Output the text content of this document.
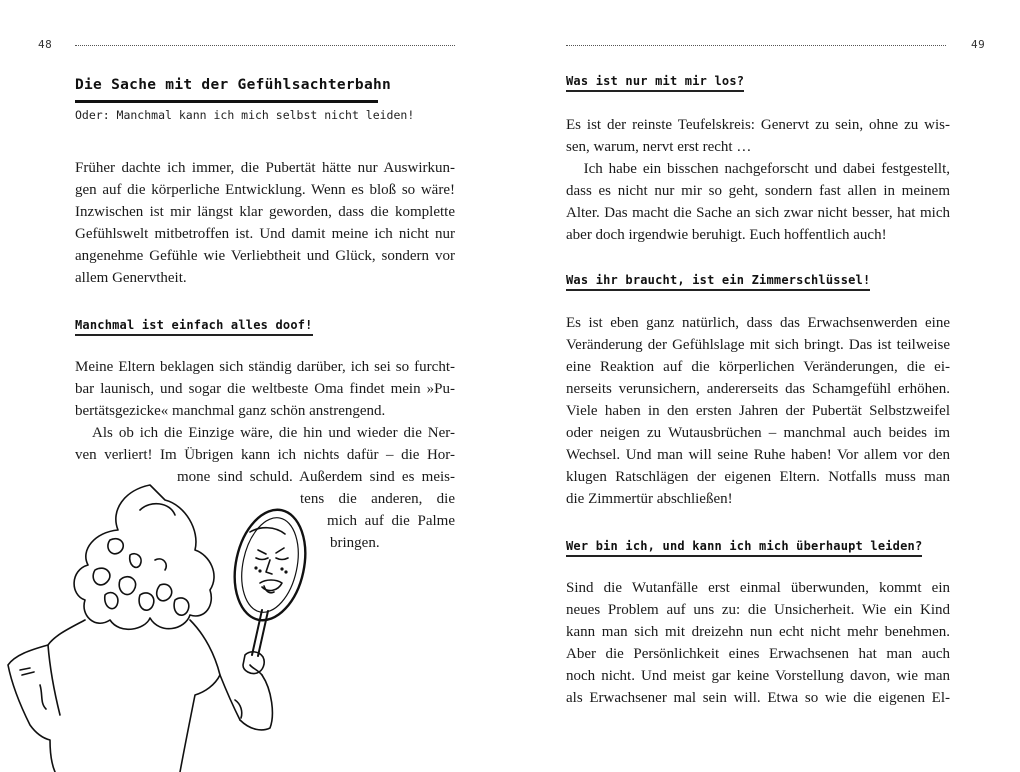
48
Die Sache mit der Gefühlsachterbahn
Oder: Manchmal kann ich mich selbst nicht leiden!
Früher dachte ich immer, die Pubertät hätte nur Auswirkun-
gen auf die körperliche Entwicklung. Wenn es bloß so wäre!
Inzwischen ist mir längst klar geworden, dass die komplette
Gefühlswelt mitbetroffen ist. Und damit meine ich nicht nur
angenehme Gefühle wie Verliebtheit und Glück, sondern vor
allem Genervtheit.
Manchmal ist einfach alles doof!
Meine Eltern beklagen sich ständig darüber, ich sei so furcht-
bar launisch, und sogar die weltbeste Oma findet mein »Pu-
bertätsgezicke« manchmal ganz schön anstrengend.
Als ob ich die Einzige wäre, die hin und wieder die Ner-
ven verliert! Im Übrigen kann ich nichts dafür – die Hor-
mone sind schuld. Außerdem sind es meis-
tens die anderen, die
mich auf die Palme
bringen.
49
Was ist nur mit mir los?
Es ist der reinste Teufelskreis: Genervt zu sein, ohne zu wis-
sen, warum, nervt erst recht …
Ich habe ein bisschen nachgeforscht und dabei festgestellt,
dass es nicht nur mir so geht, sondern fast allen in meinem
Alter. Das macht die Sache an sich zwar nicht besser, hat mich
aber doch irgendwie beruhigt. Euch hoffentlich auch!
Was ihr braucht, ist ein Zimmerschlüssel!
Es ist eben ganz natürlich, dass das Erwachsenwerden eine
Veränderung der Gefühlslage mit sich bringt. Das ist teilweise
eine Reaktion auf die körperlichen Veränderungen, die ei-
nerseits verunsichern, andererseits das Schamgefühl erhöhen.
Viele haben in den ersten Jahren der Pubertät Selbstzweifel
oder neigen zu Wutausbrüchen – manchmal auch beides im
Wechsel. Und man will seine Ruhe haben! Vor allem vor den
klugen Ratschlägen der eigenen Eltern. Notfalls muss man
die Zimmertür abschließen!
Wer bin ich, und kann ich mich überhaupt leiden?
Sind die Wutanfälle erst einmal überwunden, kommt ein
neues Problem auf uns zu: die Unsicherheit. Wie ein Kind
kann man sich mit dreizehn nun echt nicht mehr benehmen.
Aber die Persönlichkeit eines Erwachsenen hat man auch
noch nicht. Und meist gar keine Vorstellung davon, wie man
als Erwachsener mal sein will. Etwa so wie die eigenen El-
